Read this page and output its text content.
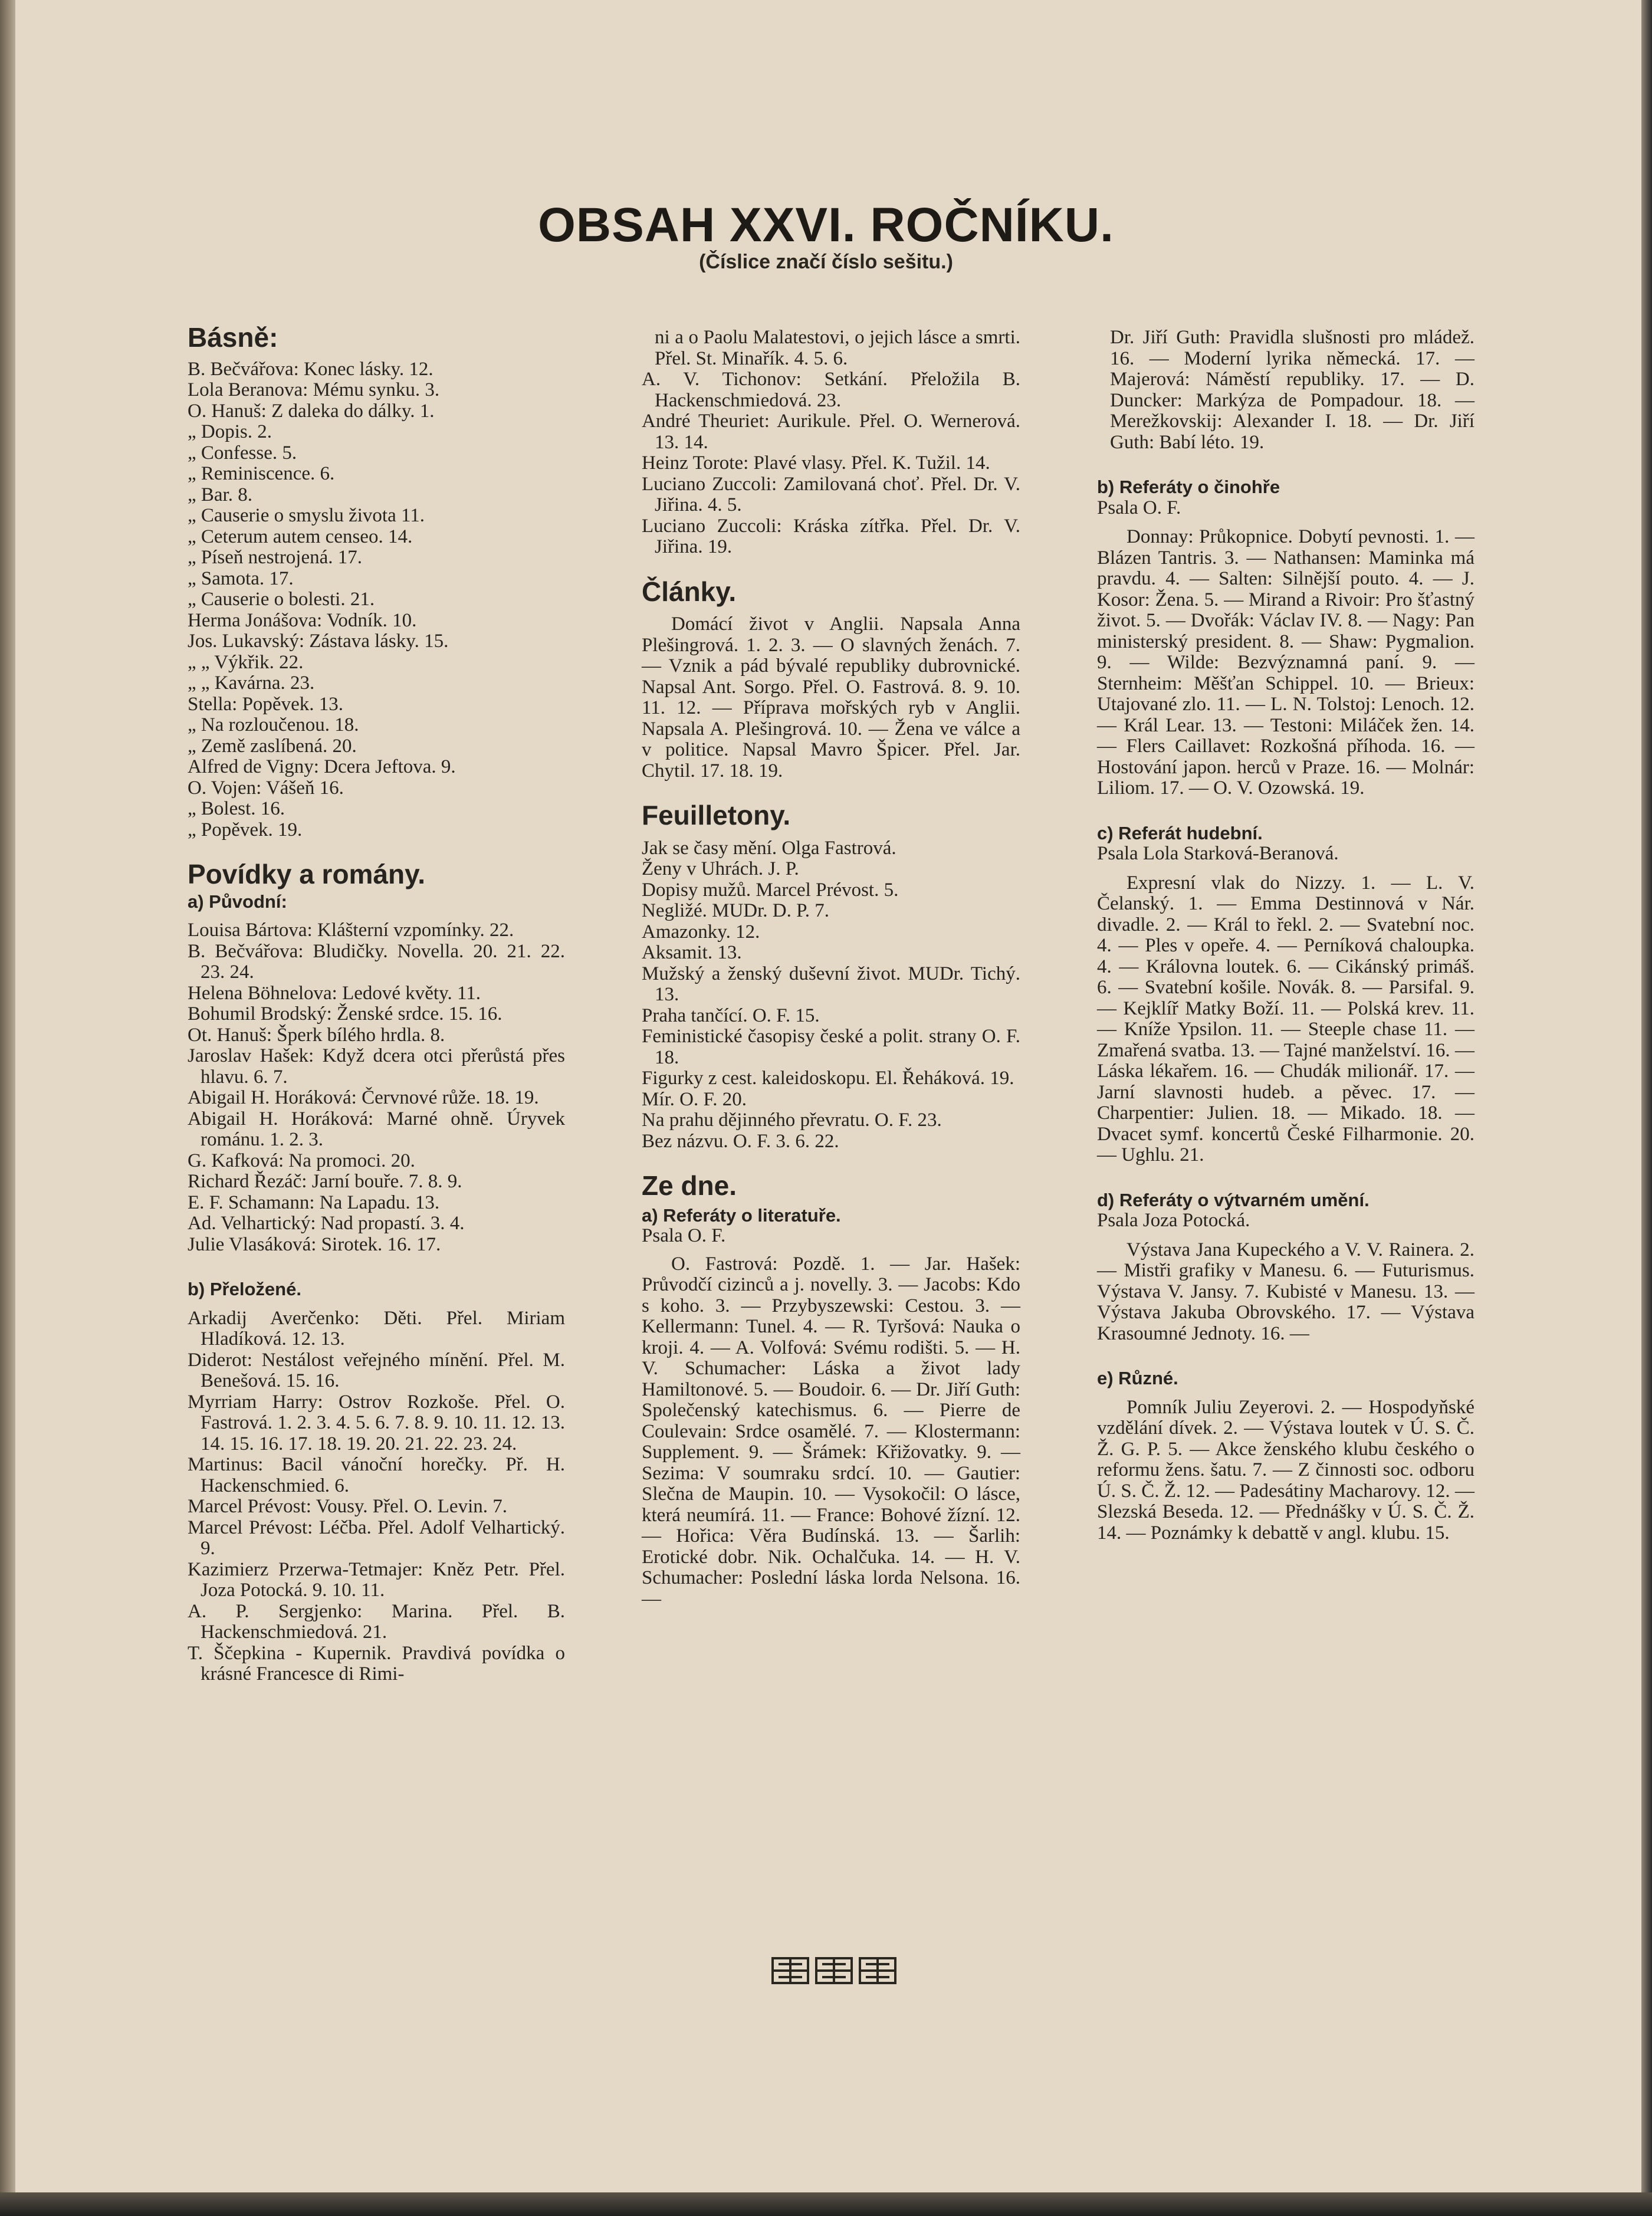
OBSAH XXVI. ROČNÍKU.
(Číslice značí číslo sešitu.)

Básně:

B. Bečvářova: Konec lásky. 12.

Lola Beranova: Mému synku. 3.

O. Hanuš: Z daleka do dálky. 1.

„ Dopis. 2.

„ Confesse. 5.

„ Reminiscence. 6.

„ Bar. 8.

„ Causerie o smyslu života 11.

„ Ceterum autem censeo. 14.

„ Píseň nestrojená. 17.

„ Samota. 17.

„ Causerie o bolesti. 21.

Herma Jonášova: Vodník. 10.

Jos. Lukavský: Zástava lásky. 15.

„ „ Výkřik. 22.

„ „ Kavárna. 23.

Stella: Popěvek. 13.

„ Na rozloučenou. 18.

„ Země zaslíbená. 20.

Alfred de Vigny: Dcera Jeftova. 9.

O. Vojen: Vášeň 16.

„ Bolest. 16.

„ Popěvek. 19.

Povídky a romány.

a) Původní:

Louisa Bártova: Klášterní vzpomínky. 22.

B. Bečvářova: Bludičky. Novella. 20. 21. 22. 23. 24.

Helena Böhnelova: Ledové květy. 11.

Bohumil Brodský: Ženské srdce. 15. 16.

Ot. Hanuš: Šperk bílého hrdla. 8.

Jaroslav Hašek: Když dcera otci přerůstá přes hlavu. 6. 7.

Abigail H. Horáková: Červnové růže. 18. 19.

Abigail H. Horáková: Marné ohně. Úryvek románu. 1. 2. 3.

G. Kafková: Na promoci. 20.

Richard Řezáč: Jarní bouře. 7. 8. 9.

E. F. Schamann: Na Lapadu. 13.

Ad. Velhartický: Nad propastí. 3. 4.

Julie Vlasáková: Sirotek. 16. 17.

b) Přeložené.

Arkadij Averčenko: Děti. Přel. Miriam Hladíková. 12. 13.

Diderot: Nestálost veřejného mínění. Přel. M. Benešová. 15. 16.

Myrriam Harry: Ostrov Rozkoše. Přel. O. Fastrová. 1. 2. 3. 4. 5. 6. 7. 8. 9. 10. 11. 12. 13. 14. 15. 16. 17. 18. 19. 20. 21. 22. 23. 24.

Martinus: Bacil vánoční horečky. Př. H. Hackenschmied. 6.

Marcel Prévost: Vousy. Přel. O. Levin. 7.

Marcel Prévost: Léčba. Přel. Adolf Velhartický. 9.

Kazimierz Przerwa-Tetmajer: Kněz Petr. Přel. Joza Potocká. 9. 10. 11.

A. P. Sergjenko: Marina. Přel. B. Hackenschmiedová. 21.

T. Ščepkina - Kupernik. Pravdivá povídka o krásné Francesce di Rimi-

ni a o Paolu Malatestovi, o jejich lásce a smrti. Přel. St. Minařík. 4. 5. 6.

A. V. Tichonov: Setkání. Přeložila B. Hackenschmiedová. 23.

André Theuriet: Aurikule. Přel. O. Wernerová. 13. 14.

Heinz Torote: Plavé vlasy. Přel. K. Tužil. 14.

Luciano Zuccoli: Zamilovaná choť. Přel. Dr. V. Jiřina. 4. 5.

Luciano Zuccoli: Kráska zítřka. Přel. Dr. V. Jiřina. 19.

Články.

Domácí život v Anglii. Napsala Anna Plešingrová. 1. 2. 3. — O slavných ženách. 7. — Vznik a pád bývalé republiky dubrovnické. Napsal Ant. Sorgo. Přel. O. Fastrová. 8. 9. 10. 11. 12. — Příprava mořských ryb v Anglii. Napsala A. Plešingrová. 10. — Žena ve válce a v politice. Napsal Mavro Špicer. Přel. Jar. Chytil. 17. 18. 19.

Feuilletony.

Jak se časy mění. Olga Fastrová.

Ženy v Uhrách. J. P.

Dopisy mužů. Marcel Prévost. 5.

Negližé. MUDr. D. P. 7.

Amazonky. 12.

Aksamit. 13.

Mužský a ženský duševní život. MUDr. Tichý. 13.

Praha tančící. O. F. 15.

Feministické časopisy české a polit. strany O. F. 18.

Figurky z cest. kaleidoskopu. El. Řeháková. 19.

Mír. O. F. 20.

Na prahu dějinného převratu. O. F. 23.

Bez názvu. O. F. 3. 6. 22.

Ze dne.

a) Referáty o literatuře.

Psala O. F.

O. Fastrová: Pozdě. 1. — Jar. Hašek: Průvodčí cizinců a j. novelly. 3. — Jacobs: Kdo s koho. 3. — Przybyszewski: Cestou. 3. — Kellermann: Tunel. 4. — R. Tyršová: Nauka o kroji. 4. — A. Volfová: Svému rodišti. 5. — H. V. Schumacher: Láska a život lady Hamiltonové. 5. — Boudoir. 6. — Dr. Jiří Guth: Společenský katechismus. 6. — Pierre de Coulevain: Srdce osamělé. 7. — Klostermann: Supplement. 9. — Šrámek: Křižovatky. 9. — Sezima: V soumraku srdcí. 10. — Gautier: Slečna de Maupin. 10. — Vysokočil: O lásce, která neumírá. 11. — France: Bohové žízní. 12. — Hořica: Věra Budínská. 13. — Šarlih: Erotické dobr. Nik. Ochalčuka. 14. — H. V. Schumacher: Poslední láska lorda Nelsona. 16. —

Dr. Jiří Guth: Pravidla slušnosti pro mládež. 16. — Moderní lyrika německá. 17. — Majerová: Náměstí republiky. 17. — D. Duncker: Markýza de Pompadour. 18. — Merežkovskij: Alexander I. 18. — Dr. Jiří Guth: Babí léto. 19.

b) Referáty o činohře

Psala O. F.

Donnay: Průkopnice. Dobytí pevnosti. 1. — Blázen Tantris. 3. — Nathansen: Maminka má pravdu. 4. — Salten: Silnější pouto. 4. — J. Kosor: Žena. 5. — Mirand a Rivoir: Pro šťastný život. 5. — Dvořák: Václav IV. 8. — Nagy: Pan ministerský president. 8. — Shaw: Pygmalion. 9. — Wilde: Bezvýznamná paní. 9. — Sternheim: Měšťan Schippel. 10. — Brieux: Utajované zlo. 11. — L. N. Tolstoj: Lenoch. 12. — Král Lear. 13. — Testoni: Miláček žen. 14. — Flers Caillavet: Rozkošná příhoda. 16. — Hostování japon. herců v Praze. 16. — Molnár: Liliom. 17. — O. V. Ozowská. 19.

c) Referát hudební.

Psala Lola Starková-Beranová.

Expresní vlak do Nizzy. 1. — L. V. Čelanský. 1. — Emma Destinnová v Nár. divadle. 2. — Král to řekl. 2. — Svatební noc. 4. — Ples v opeře. 4. — Perníková chaloupka. 4. — Královna loutek. 6. — Cikánský primáš. 6. — Svatební košile. Novák. 8. — Parsifal. 9. — Kejklíř Matky Boží. 11. — Polská krev. 11. — Kníže Ypsilon. 11. — Steeple chase 11. — Zmařená svatba. 13. — Tajné manželství. 16. — Láska lékařem. 16. — Chudák milionář. 17. — Jarní slavnosti hudeb. a pěvec. 17. — Charpentier: Julien. 18. — Mikado. 18. — Dvacet symf. koncertů České Filharmonie. 20. — Ughlu. 21.

d) Referáty o výtvarném umění.

Psala Joza Potocká.

Výstava Jana Kupeckého a V. V. Rainera. 2. — Mistři grafiky v Manesu. 6. — Futurismus. Výstava V. Jansy. 7. Kubisté v Manesu. 13. — Výstava Jakuba Obrovského. 17. — Výstava Krasoumné Jednoty. 16. —

e) Různé.

Pomník Juliu Zeyerovi. 2. — Hospodyňské vzdělání dívek. 2. — Výstava loutek v Ú. S. Č. Ž. G. P. 5. — Akce ženského klubu českého o reformu žens. šatu. 7. — Z činnosti soc. odboru Ú. S. Č. Ž. 12. — Padesátiny Macharovy. 12. — Slezská Beseda. 12. — Přednášky v Ú. S. Č. Ž. 14. — Poznámky k debattě v angl. klubu. 15.
